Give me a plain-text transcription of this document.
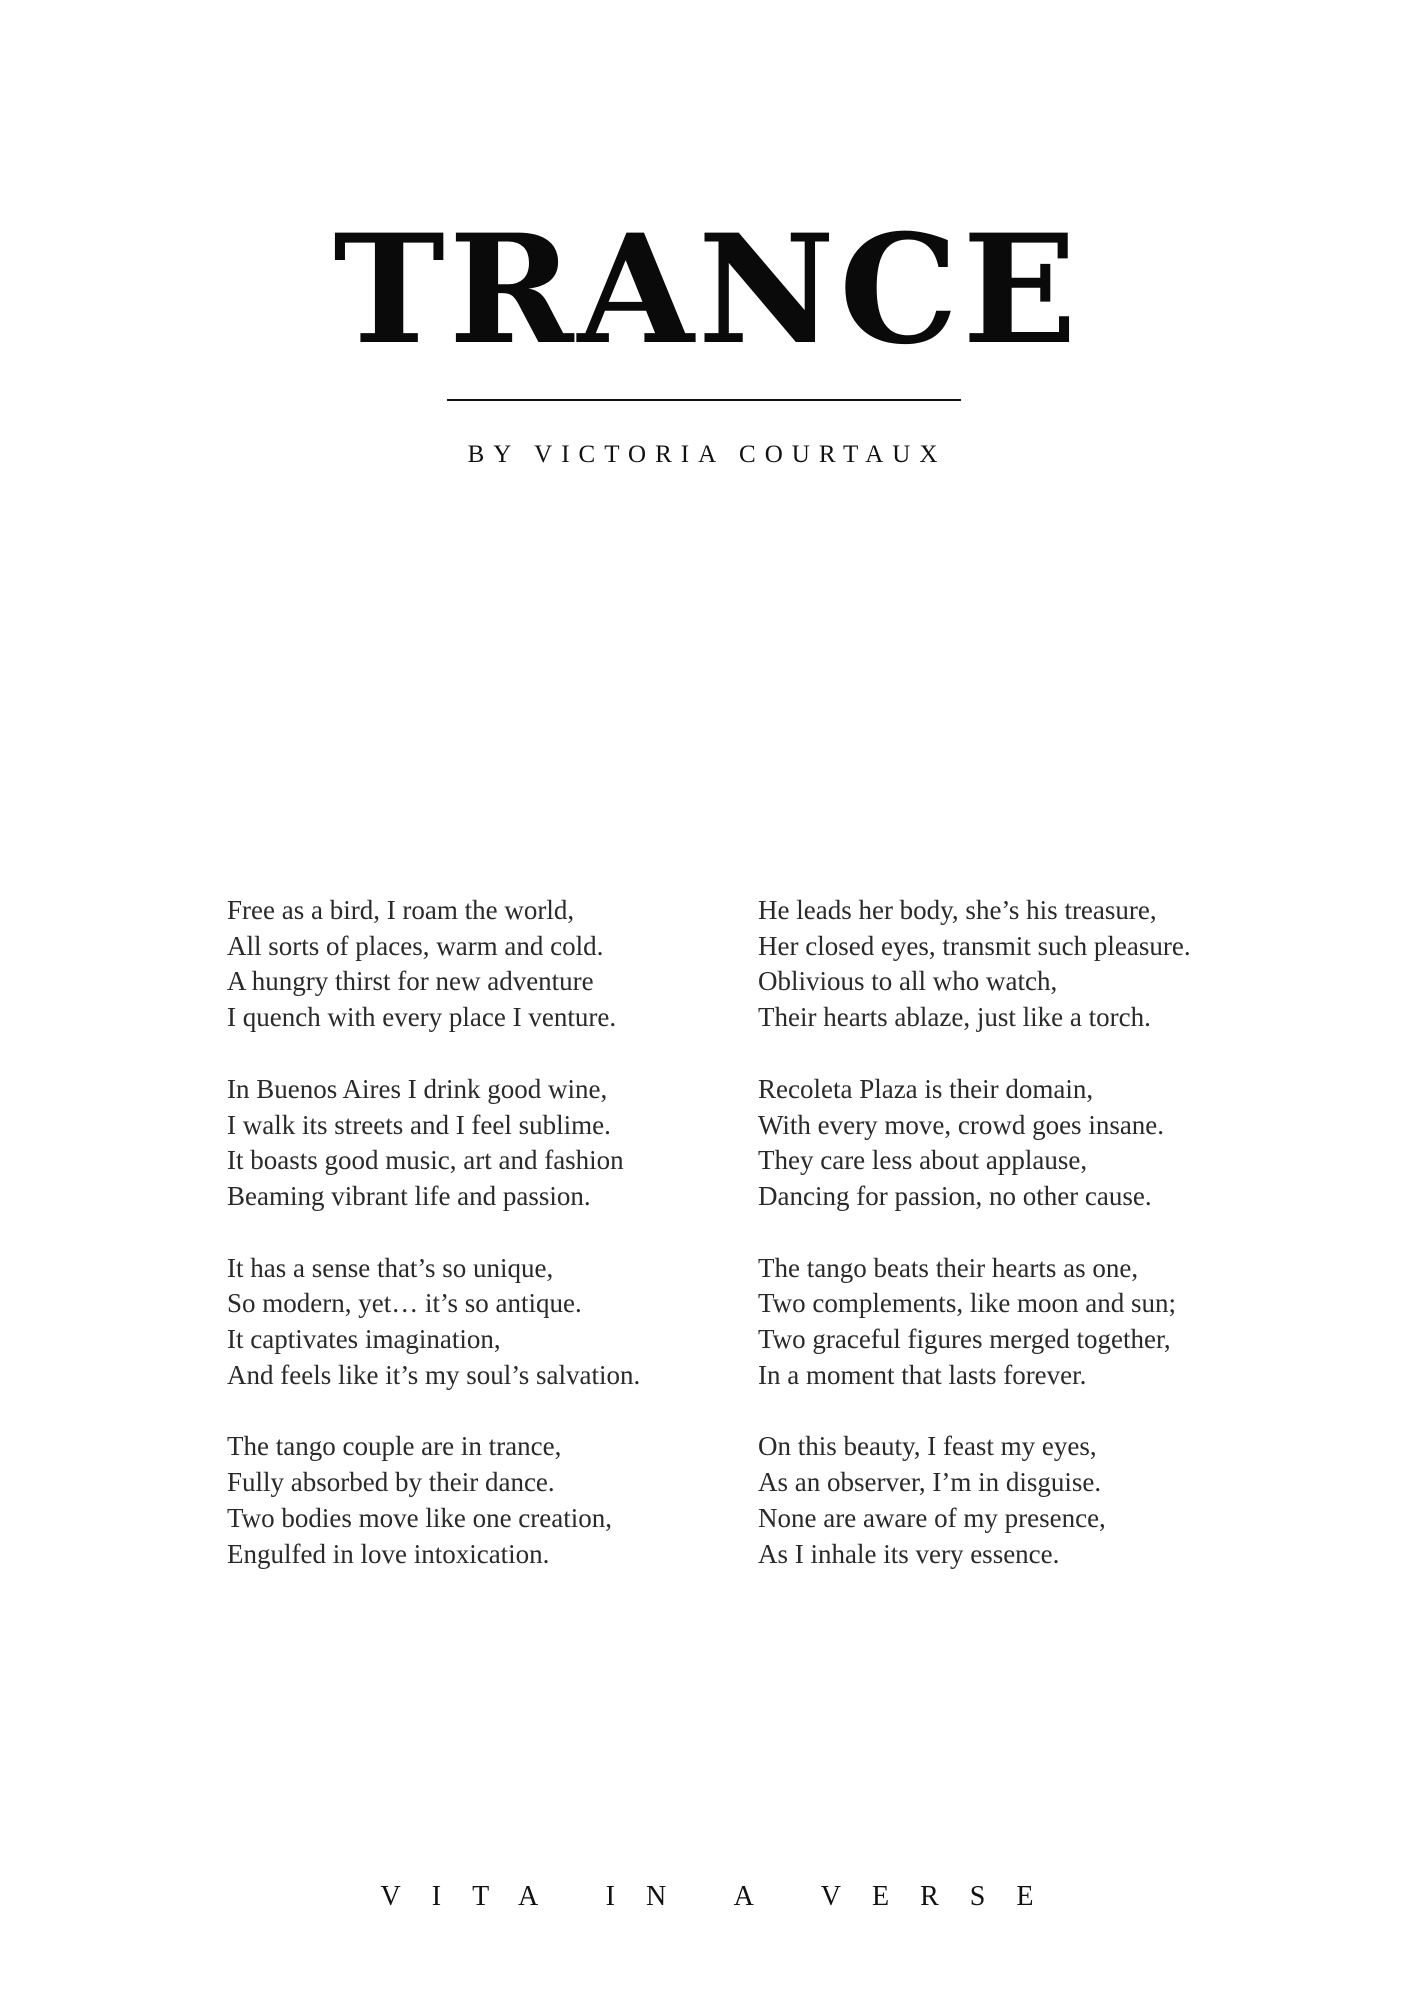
TRANCE
BY VICTORIA COURTAUX
Free as a bird, I roam the world,
All sorts of places, warm and cold.
A hungry thirst for new adventure
I quench with every place I venture.
In Buenos Aires I drink good wine,
I walk its streets and I feel sublime.
It boasts good music, art and fashion
Beaming vibrant life and passion.
It has a sense that’s so unique,
So modern, yet… it’s so antique.
It captivates imagination,
And feels like it’s my soul’s salvation.
The tango couple are in trance,
Fully absorbed by their dance.
Two bodies move like one creation,
Engulfed in love intoxication.
He leads her body, she’s his treasure,
Her closed eyes, transmit such pleasure.
Oblivious to all who watch,
Their hearts ablaze, just like a torch.
Recoleta Plaza is their domain,
With every move, crowd goes insane.
They care less about applause,
Dancing for passion, no other cause.
The tango beats their hearts as one,
Two complements, like moon and sun;
Two graceful figures merged together,
In a moment that lasts forever.
On this beauty, I feast my eyes,
As an observer, I’m in disguise.
None are aware of my presence,
As I inhale its very essence.
VITA IN A VERSE
